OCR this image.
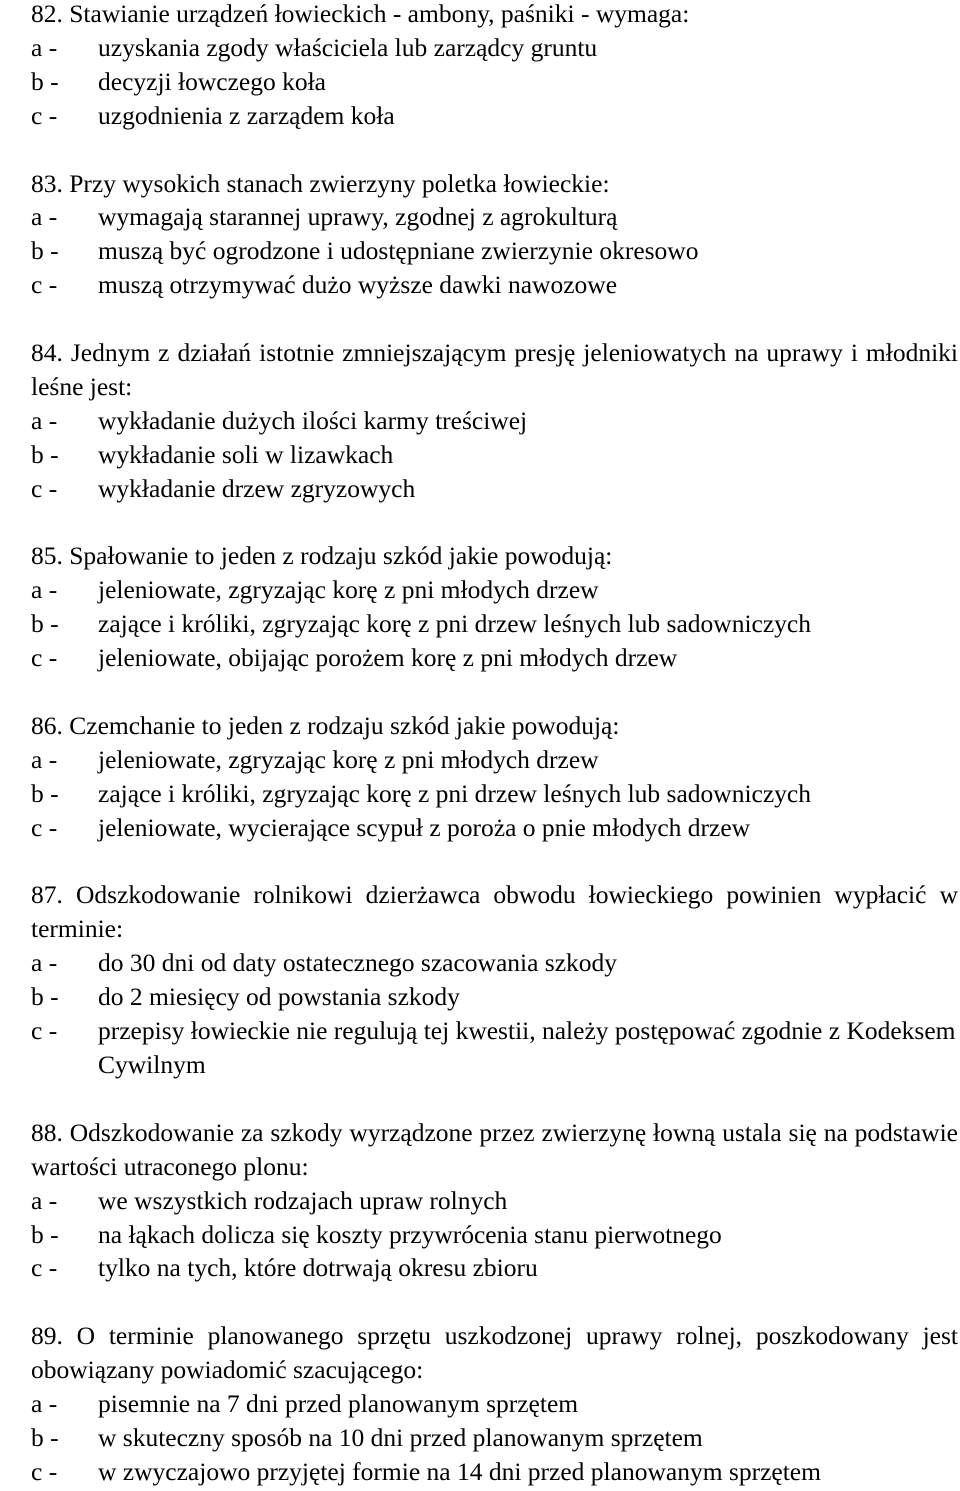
82. Stawianie urządzeń łowieckich - ambony, paśniki - wymaga:

a -	uzyskania zgody właściciela lub zarządcy gruntu
b -	decyzji łowczego koła
c -	uzgodnienia z zarządem koła

83. Przy wysokich stanach zwierzyny poletka łowieckie:

a -	wymagają starannej uprawy, zgodnej z agrokulturą
b -	muszą być ogrodzone i udostępniane zwierzynie okresowo
c -	muszą otrzymywać dużo wyższe dawki nawozowe

84. Jednym z działań istotnie zmniejszającym presję jeleniowatych na uprawy i młodniki leśne jest:

a -	wykładanie dużych ilości karmy treściwej
b -	wykładanie soli w lizawkach
c -	wykładanie drzew zgryzowych

85. Spałowanie to jeden z rodzaju szkód jakie powodują:

a -	jeleniowate, zgryzając korę z pni młodych drzew
b -	zające i króliki, zgryzając korę z pni drzew leśnych lub sadowniczych
c -	jeleniowate, obijając porożem korę z pni młodych drzew

86. Czemchanie to jeden z rodzaju szkód jakie powodują:

a -	jeleniowate, zgryzając korę z pni młodych drzew
b -	zające i króliki, zgryzając korę z pni drzew leśnych lub sadowniczych
c -	jeleniowate, wycierające scypuł z poroża o pnie młodych drzew

87. Odszkodowanie rolnikowi dzierżawca obwodu łowieckiego powinien wypłacić w terminie:

a -	do 30 dni od daty ostatecznego szacowania szkody
b -	do 2 miesięcy od powstania szkody
c -	przepisy łowieckie nie regulują tej kwestii, należy postępować zgodnie z Kodeksem Cywilnym

88. Odszkodowanie za szkody wyrządzone przez zwierzynę łowną ustala się na podstawie wartości utraconego plonu:

a -	we wszystkich rodzajach upraw rolnych
b -	na łąkach dolicza się koszty przywrócenia stanu pierwotnego
c -	tylko na tych, które dotrwają okresu zbioru

89. O terminie planowanego sprzętu uszkodzonej uprawy rolnej, poszkodowany jest obowiązany powiadomić szacującego:

a -	pisemnie na 7 dni przed planowanym sprzętem
b -	w skuteczny sposób na 10 dni przed planowanym sprzętem
c -	w zwyczajowo przyjętej formie na 14 dni przed planowanym sprzętem
